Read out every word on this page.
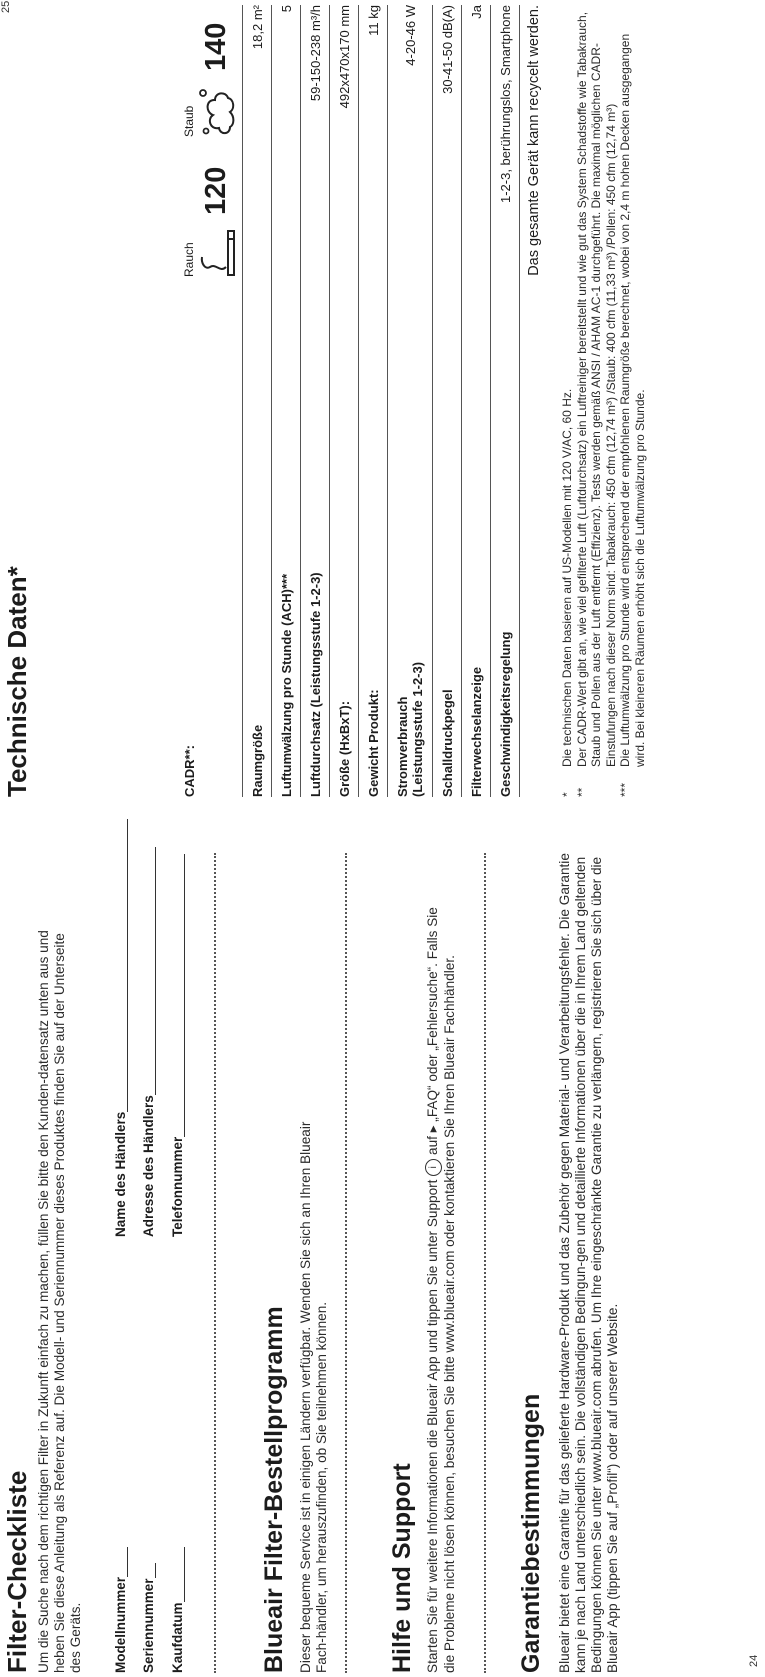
24
25
Filter-Checkliste Um die Suche nach dem richtigen Filter in Zukunft einfach zu machen, füllen Sie bitte den Kunden-datensatz unten aus und heben Sie diese Anleitung als Referenz auf. Die Modell- und Seriennummer dieses Produktes finden Sie auf der Unterseite des Geräts. Modellnummer Seriennummer Kaufdatum
Name des Händlers Adresse des Händlers Telefonnummer
Blueair Filter-Bestellprogramm Dieser bequeme Service ist in einigen Ländern verfügbar. Wenden Sie sich an Ihren Blueair Fach-händler, um herauszufinden, ob Sie teilnehmen können. Hilfe und Support Starten Sie für weitere Informationen die Blueair App und tippen Sie unter Support i auf ▸ „FAQ“ oder „Fehlersuche“. Falls Sie die Probleme nicht lösen können, besuchen Sie bitte www.blueair.com oder kontaktieren Sie Ihren Blueair Fachhändler. Garantiebestimmungen Blueair bietet eine Garantie für das gelieferte Hardware-Produkt und das Zubehör gegen Material- und Verarbeitungsfehler. Die Garantie kann je nach Land unterschiedlich sein. Die vollständigen Bedingun-gen und detaillierte Informationen über die in Ihrem Land geltenden Bedingungen können Sie unter www.blueair.com abrufen. Um Ihre eingeschränkte Garantie zu verlängern, registrieren Sie sich über die Blueair App (tippen Sie auf „Profil“) oder auf unserer Website.

Technische Daten*	CADR**:
Rauch
120
Staub
140
Raumgröße
18,2 m²
Luftumwälzung pro Stunde (ACH)***
5
Luftdurchsatz (Leistungsstufe 1-2-3)
59-150-238 m³/h
Größe (HxBxT):
492x470x170 mm
Gewicht Produkt:
11 kg
Stromverbrauch (Leistungsstufe 1-2-3)
4-20-46 W
Schalldruckpegel
30-41-50 dB(A)
Filterwechselanzeige
Ja
Geschwindigkeitsregelung
1-2-3, berührungslos, Smartphone Das gesamte Gerät kann recycelt werden.
*
Die technischen Daten basieren auf US-Modellen mit 120 V/AC, 60 Hz.
**
Der CADR-Wert gibt an, wie viel gefilterte Luft (Luftdurchsatz) ein Luftreiniger bereitstellt und wie gut das System Schadstoffe wie Tabakrauch, Staub und Pollen aus der Luft entfernt (Effizienz). Tests werden gemäß ANSI / AHAM AC-1 durchgeführt. Die maximal möglichen CADR-Einstufungen nach dieser Norm sind: Tabakrauch: 450 cfm (12,74 m³) /Staub: 400 cfm (11,33 m³) /Pollen: 450 cfm (12,74 m³)
***
Die Luftumwälzung pro Stunde wird entsprechend der empfohlenen Raumgröße berechnet, wobei von 2,4 m hohen Decken ausgegangen wird. Bei kleineren Räumen erhöht sich die Luftumwälzung pro Stunde.
